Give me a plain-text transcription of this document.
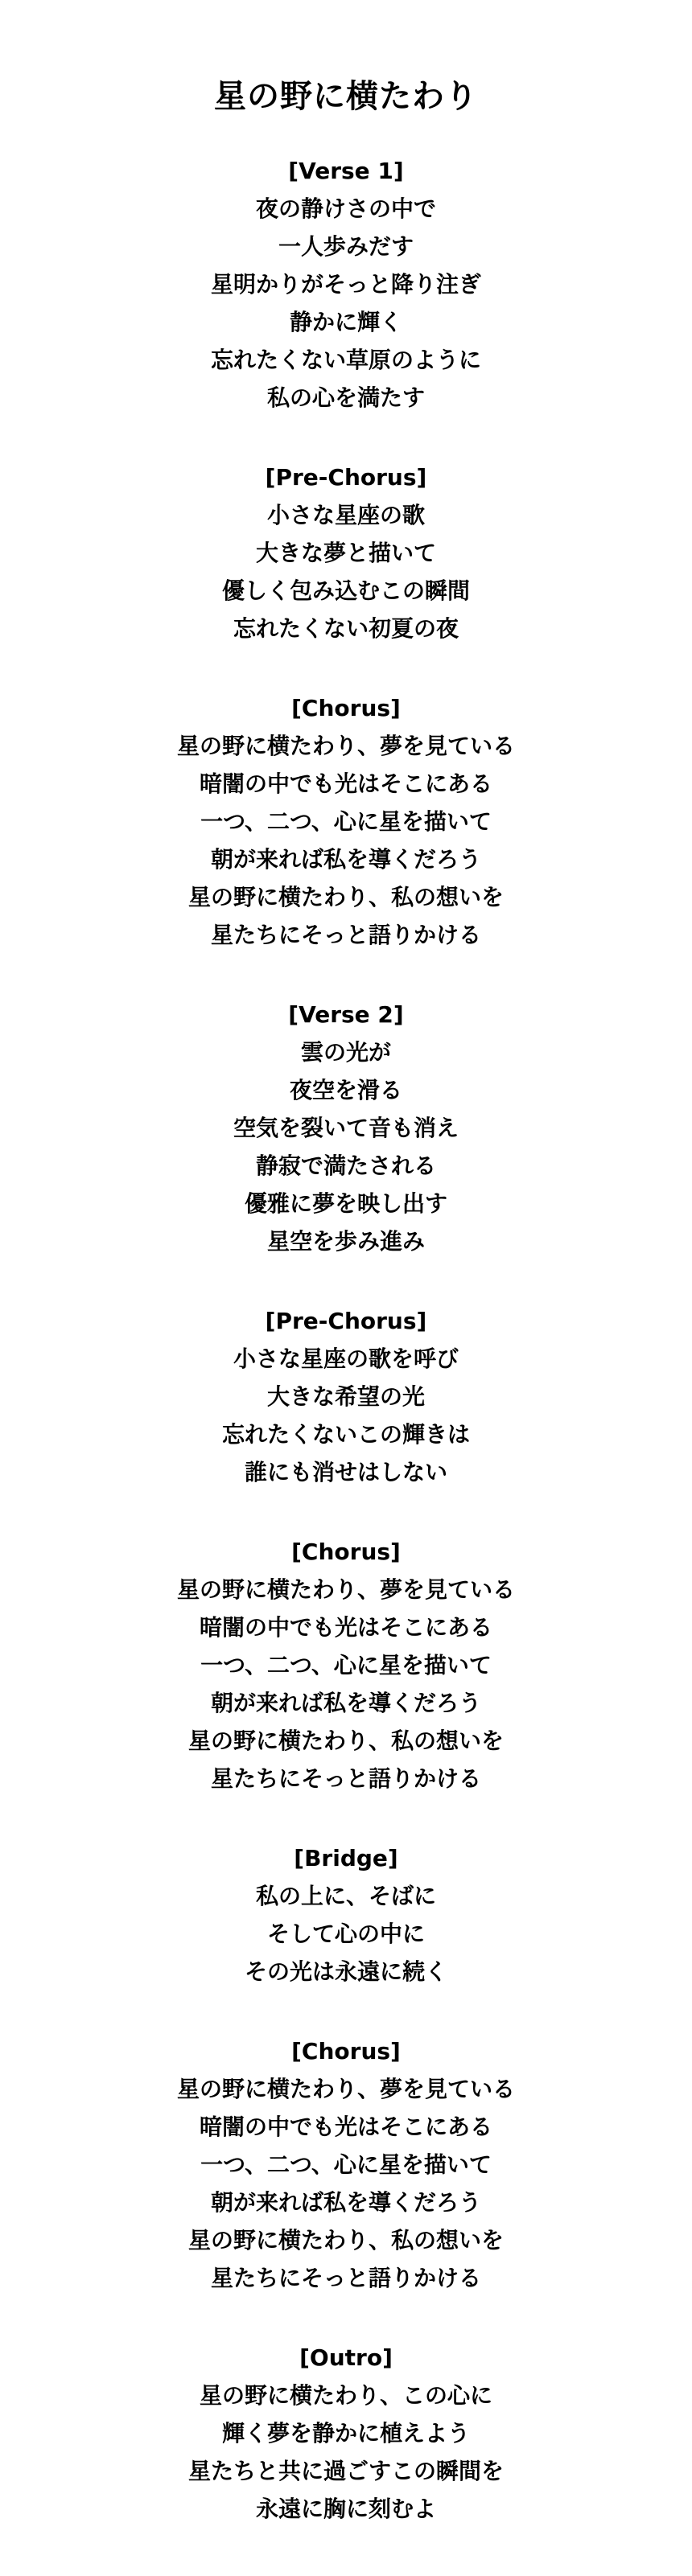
星の野に横たわり
[Verse 1]
夜の静けさの中で
一人歩みだす
星明かりがそっと降り注ぎ
静かに輝く
忘れたくない草原のように
私の心を満たす
[Pre-Chorus]
小さな星座の歌
大きな夢と描いて
優しく包み込むこの瞬間
忘れたくない初夏の夜
[Chorus]
星の野に横たわり、夢を見ている
暗闇の中でも光はそこにある
一つ、二つ、心に星を描いて
朝が来れば私を導くだろう
星の野に横たわり、私の想いを
星たちにそっと語りかける
[Verse 2]
雲の光が
夜空を滑る
空気を裂いて音も消え
静寂で満たされる
優雅に夢を映し出す
星空を歩み進み
[Pre-Chorus]
小さな星座の歌を呼び
大きな希望の光
忘れたくないこの輝きは
誰にも消せはしない
[Chorus]
星の野に横たわり、夢を見ている
暗闇の中でも光はそこにある
一つ、二つ、心に星を描いて
朝が来れば私を導くだろう
星の野に横たわり、私の想いを
星たちにそっと語りかける
[Bridge]
私の上に、そばに
そして心の中に
その光は永遠に続く
[Chorus]
星の野に横たわり、夢を見ている
暗闇の中でも光はそこにある
一つ、二つ、心に星を描いて
朝が来れば私を導くだろう
星の野に横たわり、私の想いを
星たちにそっと語りかける
[Outro]
星の野に横たわり、この心に
輝く夢を静かに植えよう
星たちと共に過ごすこの瞬間を
永遠に胸に刻むよ
